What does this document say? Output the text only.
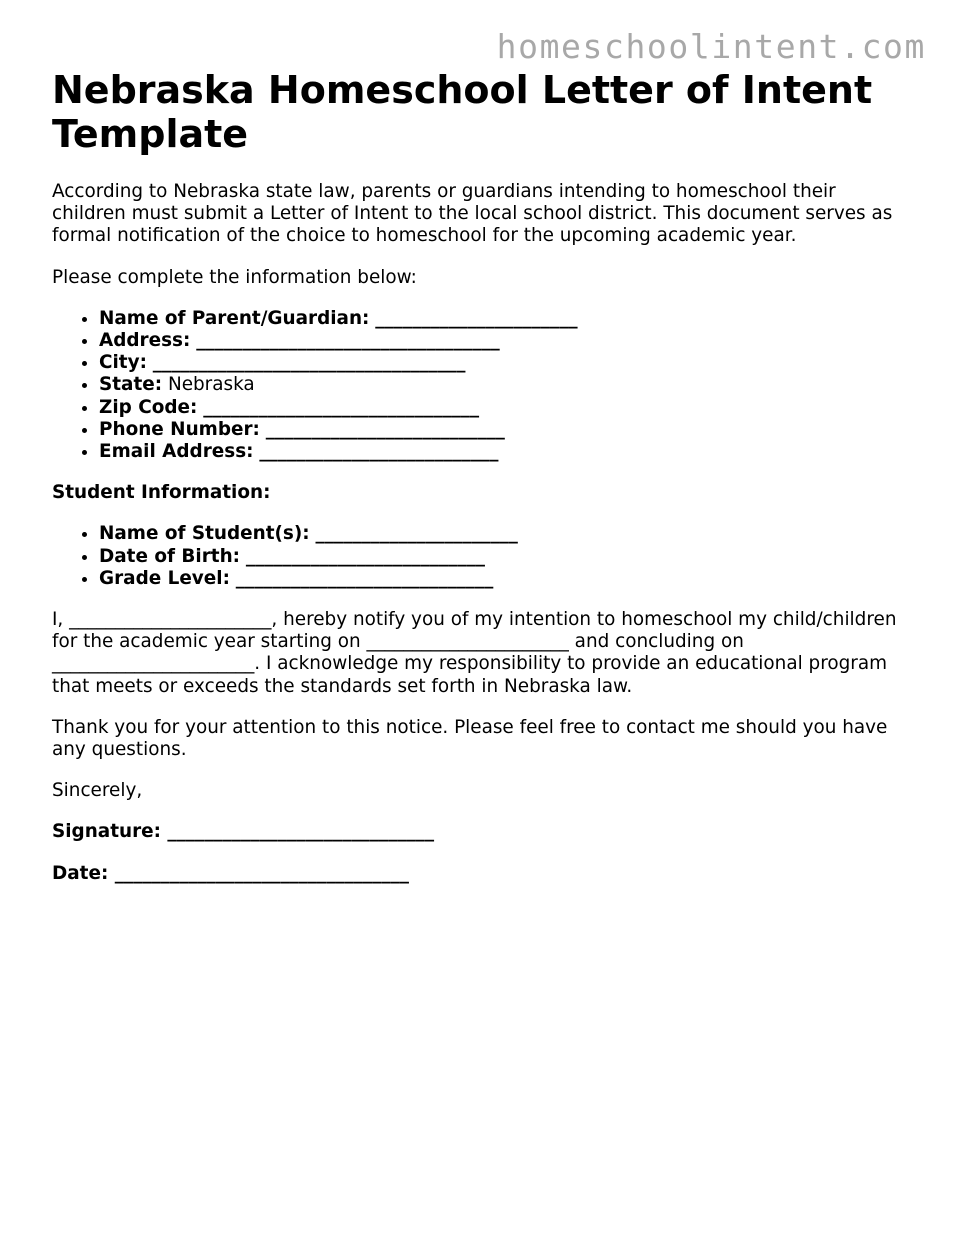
homeschoolintent.com
Nebraska Homeschool Letter of Intent Template

According to Nebraska state law, parents or guardians intending to homeschool their children must submit a Letter of Intent to the local school district. This document serves as formal notification of the choice to homeschool for the upcoming academic year.

Please complete the information below:

• Name of Parent/Guardian: ______________________
• Address: _________________________________
• City: __________________________________
• State: Nebraska
• Zip Code: ______________________________
• Phone Number: __________________________
• Email Address: __________________________

Student Information:

• Name of Student(s): ______________________
• Date of Birth: __________________________
• Grade Level: ____________________________

I, ______________________, hereby notify you of my intention to homeschool my child/children for the academic year starting on ______________________ and concluding on ______________________. I acknowledge my responsibility to provide an educational program that meets or exceeds the standards set forth in Nebraska law.

Thank you for your attention to this notice. Please feel free to contact me should you have any questions.

Sincerely,

Signature: _____________________________

Date: ________________________________
